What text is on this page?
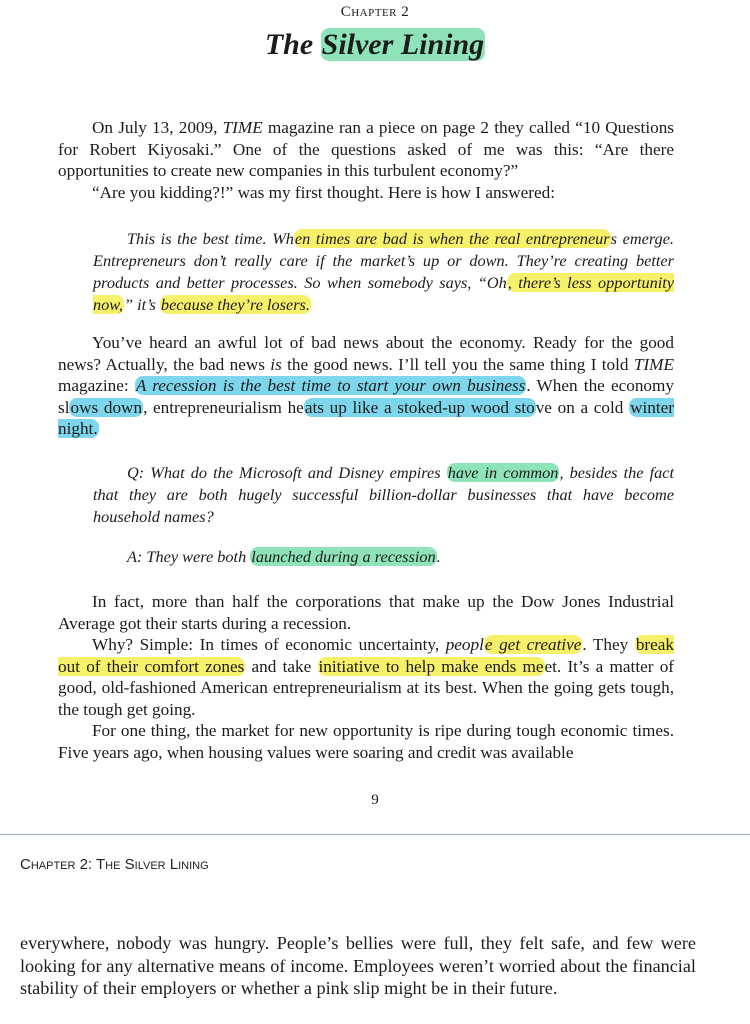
Chapter 2
The Silver Lining

On July 13, 2009, TIME magazine ran a piece on page 2 they called “10 Questions for Robert Kiyosaki.” One of the questions asked of me was this: “Are there opportunities to create new companies in this turbulent economy?”

“Are you kidding?!” was my first thought. Here is how I answered:

This is the best time. When times are bad is when the real entrepreneurs emerge. Entrepreneurs don’t really care if the market’s up or down. They’re creating better products and better processes. So when somebody says, “Oh, there’s less opportunity now,” it’s because they’re losers.

You’ve heard an awful lot of bad news about the economy. Ready for the good news? Actually, the bad news is the good news. I’ll tell you the same thing I told TIME magazine: A recession is the best time to start your own business. When the economy slows down, entrepreneurialism heats up like a stoked-up wood stove on a cold winter night.

Q: What do the Microsoft and Disney empires have in common, besides the fact that they are both hugely successful billion-dollar businesses that have become household names?

A: They were both launched during a recession.

In fact, more than half the corporations that make up the Dow Jones Industrial Average got their starts during a recession.

Why? Simple: In times of economic uncertainty, people get creative. They break out of their comfort zones and take initiative to help make ends meet. It’s a matter of good, old-fashioned American entrepreneurialism at its best. When the going gets tough, the tough get going.

For one thing, the market for new opportunity is ripe during tough economic times. Five years ago, when housing values were soaring and credit was available

9
Chapter 2: The Silver Lining

everywhere, nobody was hungry. People’s bellies were full, they felt safe, and few were looking for any alternative means of income. Employees weren’t worried about the financial stability of their employers or whether a pink slip might be in their future.
